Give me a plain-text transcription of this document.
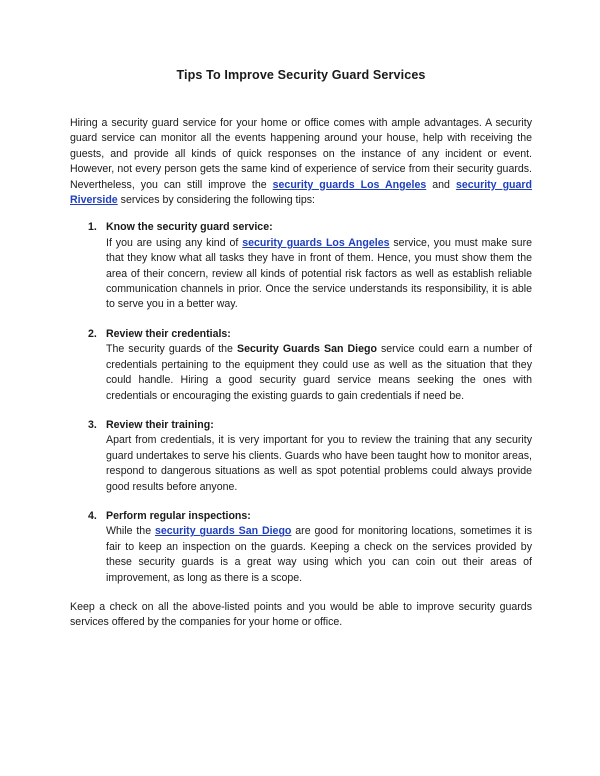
Tips To Improve Security Guard Services

Hiring a security guard service for your home or office comes with ample advantages. A security guard service can monitor all the events happening around your house, help with receiving the guests, and provide all kinds of quick responses on the instance of any incident or event. However, not every person gets the same kind of experience of service from their security guards. Nevertheless, you can still improve the security guards Los Angeles and security guard Riverside services by considering the following tips:

1. Know the security guard service:

If you are using any kind of security guards Los Angeles service, you must make sure that they know what all tasks they have in front of them. Hence, you must show them the area of their concern, review all kinds of potential risk factors as well as establish reliable communication channels in prior. Once the service understands its responsibility, it is able to serve you in a better way.

2. Review their credentials:

The security guards of the Security Guards San Diego service could earn a number of credentials pertaining to the equipment they could use as well as the situation that they could handle. Hiring a good security guard service means seeking the ones with credentials or encouraging the existing guards to gain credentials if need be.

3. Review their training:

Apart from credentials, it is very important for you to review the training that any security guard undertakes to serve his clients. Guards who have been taught how to monitor areas, respond to dangerous situations as well as spot potential problems could always provide good results before anyone.

4. Perform regular inspections:

While the security guards San Diego are good for monitoring locations, sometimes it is fair to keep an inspection on the guards. Keeping a check on the services provided by these security guards is a great way using which you can coin out their areas of improvement, as long as there is a scope.

Keep a check on all the above-listed points and you would be able to improve security guards services offered by the companies for your home or office.
